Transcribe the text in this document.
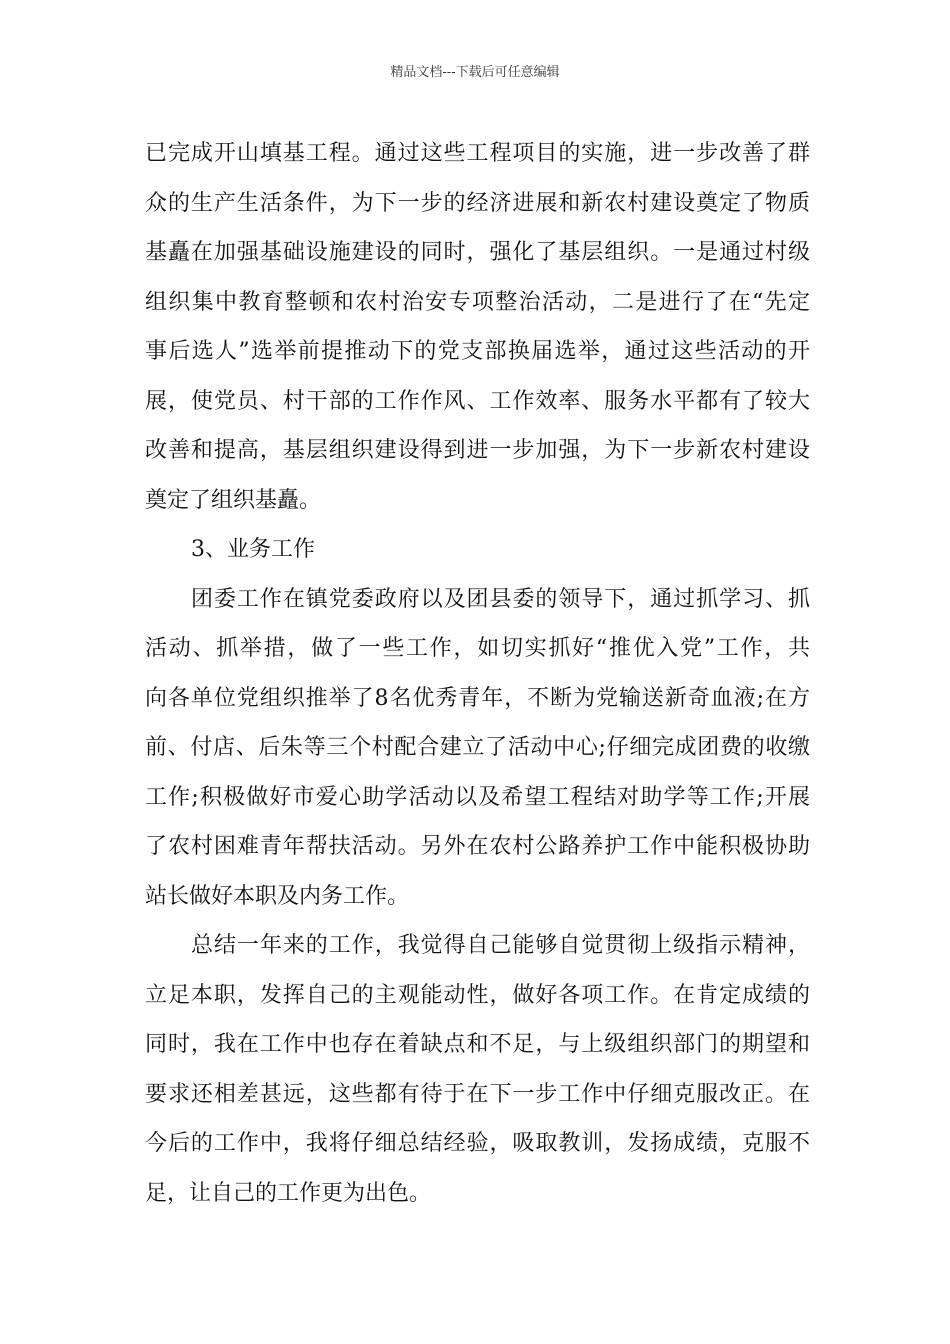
精品文档---下载后可任意编辑
已完成开山填基工程。通过这些工程项目的实施，进一步改善了群
众的生产生活条件，为下一步的经济进展和新农村建设奠定了物质
基矗在加强基础设施建设的同时，强化了基层组织。一是通过村级
组织集中教育整顿和农村治安专项整治活动，二是进行了在“先定
事后选人”选举前提推动下的党支部换届选举，通过这些活动的开
展，使党员、村干部的工作作风、工作效率、服务水平都有了较大
改善和提高，基层组织建设得到进一步加强，为下一步新农村建设
奠定了组织基矗。
3、业务工作
团委工作在镇党委政府以及团县委的领导下，通过抓学习、抓
活动、抓举措，做了一些工作，如切实抓好“推优入党”工作，共
向各单位党组织推举了8名优秀青年，不断为党输送新奇血液;在方
前、付店、后朱等三个村配合建立了活动中心;仔细完成团费的收缴
工作;积极做好市爱心助学活动以及希望工程结对助学等工作;开展
了农村困难青年帮扶活动。另外在农村公路养护工作中能积极协助
站长做好本职及内务工作。
总结一年来的工作，我觉得自己能够自觉贯彻上级指示精神，
立足本职，发挥自己的主观能动性，做好各项工作。在肯定成绩的
同时，我在工作中也存在着缺点和不足，与上级组织部门的期望和
要求还相差甚远，这些都有待于在下一步工作中仔细克服改正。在
今后的工作中，我将仔细总结经验，吸取教训，发扬成绩，克服不
足，让自己的工作更为出色。
